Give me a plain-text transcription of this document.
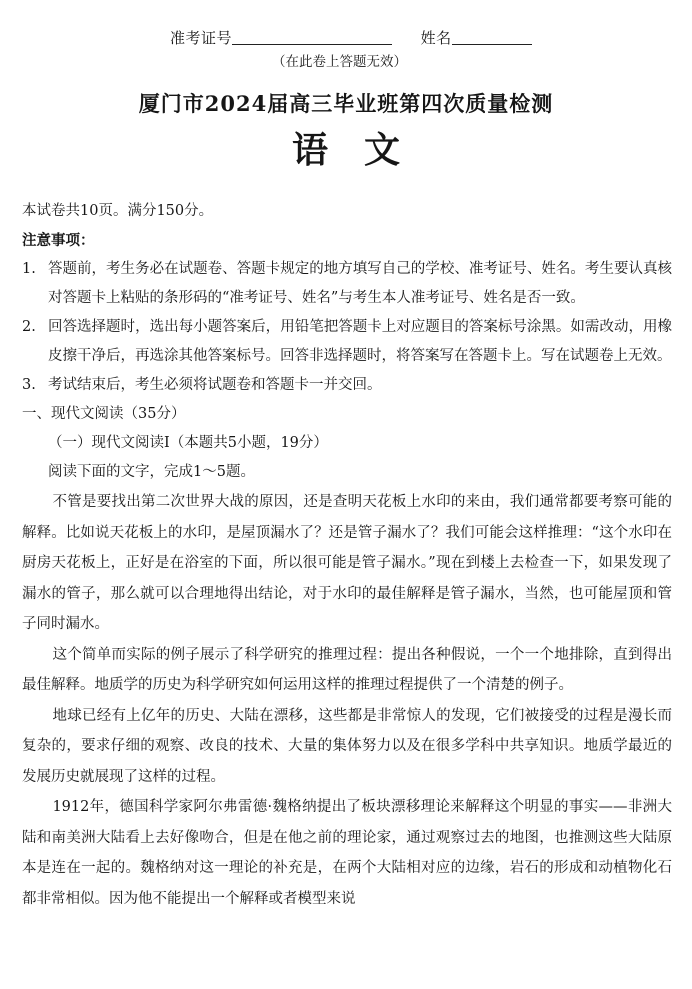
准考证号	姓名
（在此卷上答题无效）
厦门市2024届高三毕业班第四次质量检测
语　文

本试卷共10页。满分150分。

注意事项：

1. 答题前，考生务必在试题卷、答题卡规定的地方填写自己的学校、准考证号、姓名。考生要认真核对答题卡上粘贴的条形码的“准考证号、姓名”与考生本人准考证号、姓名是否一致。

2. 回答选择题时，选出每小题答案后，用铅笔把答题卡上对应题目的答案标号涂黑。如需改动，用橡皮擦干净后，再选涂其他答案标号。回答非选择题时，将答案写在答题卡上。写在试题卷上无效。

3. 考试结束后，考生必须将试题卷和答题卡一并交回。

一、现代文阅读（35分）

（一）现代文阅读Ⅰ（本题共5小题，19分）

阅读下面的文字，完成1～5题。

不管是要找出第二次世界大战的原因，还是查明天花板上水印的来由，我们通常都要考察可能的解释。比如说天花板上的水印，是屋顶漏水了？还是管子漏水了？我们可能会这样推理：“这个水印在厨房天花板上，正好是在浴室的下面，所以很可能是管子漏水。”现在到楼上去检查一下，如果发现了漏水的管子，那么就可以合理地得出结论，对于水印的最佳解释是管子漏水，当然，也可能屋顶和管子同时漏水。

这个简单而实际的例子展示了科学研究的推理过程：提出各种假说，一个一个地排除，直到得出最佳解释。地质学的历史为科学研究如何运用这样的推理过程提供了一个清楚的例子。

地球已经有上亿年的历史、大陆在漂移，这些都是非常惊人的发现，它们被接受的过程是漫长而复杂的，要求仔细的观察、改良的技术、大量的集体努力以及在很多学科中共享知识。地质学最近的发展历史就展现了这样的过程。

1912年，德国科学家阿尔弗雷德·魏格纳提出了板块漂移理论来解释这个明显的事实——非洲大陆和南美洲大陆看上去好像吻合，但是在他之前的理论家，通过观察过去的地图，也推测这些大陆原本是连在一起的。魏格纳对这一理论的补充是，在两个大陆相对应的边缘，岩石的形成和动植物化石都非常相似。因为他不能提出一个解释或者模型来说
